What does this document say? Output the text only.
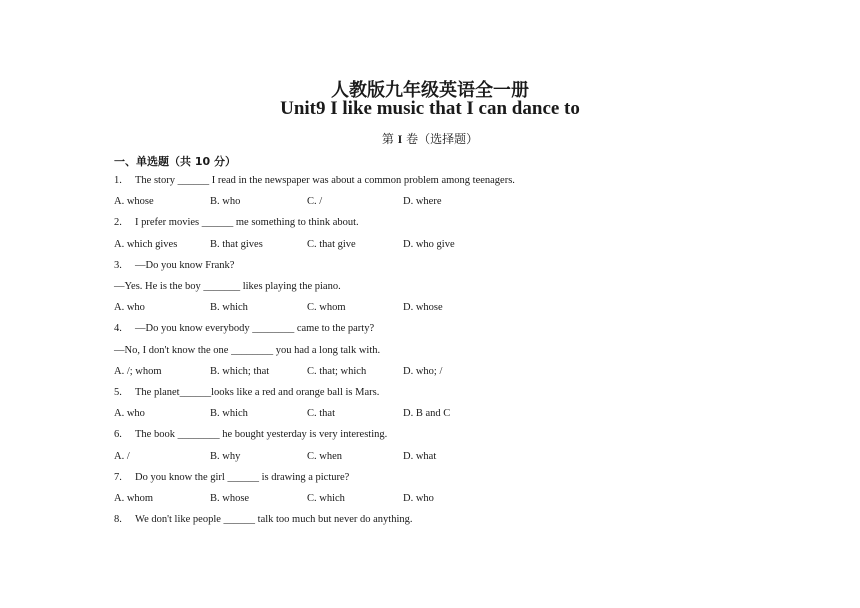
人教版九年级英语全一册
Unit9 I like music that I can dance to
第 I 卷（选择题）
一、单选题（共 10 分）
1. The story ______ I read in the newspaper was about a common problem among teenagers.
A. whose	B. who	C. /	D. where
2. I prefer movies ______ me something to think about.
A. which gives	B. that gives	C. that give	D. who give
3. —Do you know Frank?
—Yes. He is the boy _______ likes playing the piano.
A. who	B. which	C. whom	D. whose
4. —Do you know everybody ________ came to the party?
—No, I don't know the one ________ you had a long talk with.
A. /; whom	B. which; that	C. that; which	D. who; /
5. The planet______looks like a red and orange ball is Mars.
A. who	B. which	C. that	D. B and C
6. The book ________ he bought yesterday is very interesting.
A. /	B. why	C. when	D. what
7. Do you know the girl ______ is drawing a picture?
A. whom	B. whose	C. which	D. who
8. We don't like people ______ talk too much but never do anything.
